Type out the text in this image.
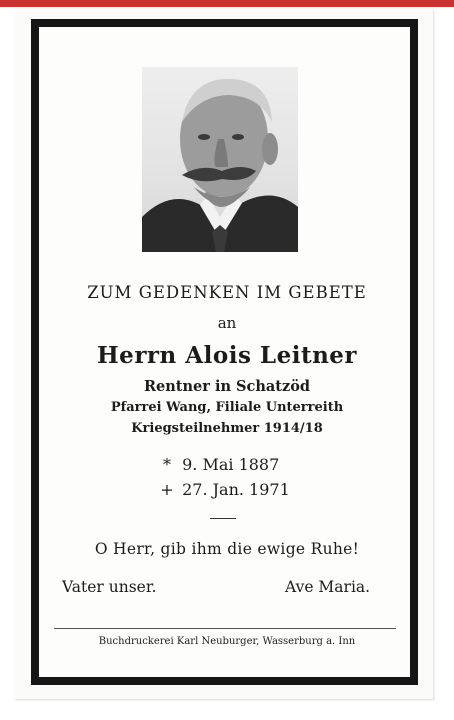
ZUM GEDENKEN IM GEBETE
an
Herrn Alois Leitner
Rentner in Schatzöd
Pfarrei Wang, Filiale Unterreith
Kriegsteilnehmer 1914/18
* 9. Mai 1887
+ 27. Jan. 1971
O Herr, gib ihm die ewige Ruhe!
Vater unser.	Ave Maria.
Buchdruckerei Karl Neuburger, Wasserburg a. Inn
